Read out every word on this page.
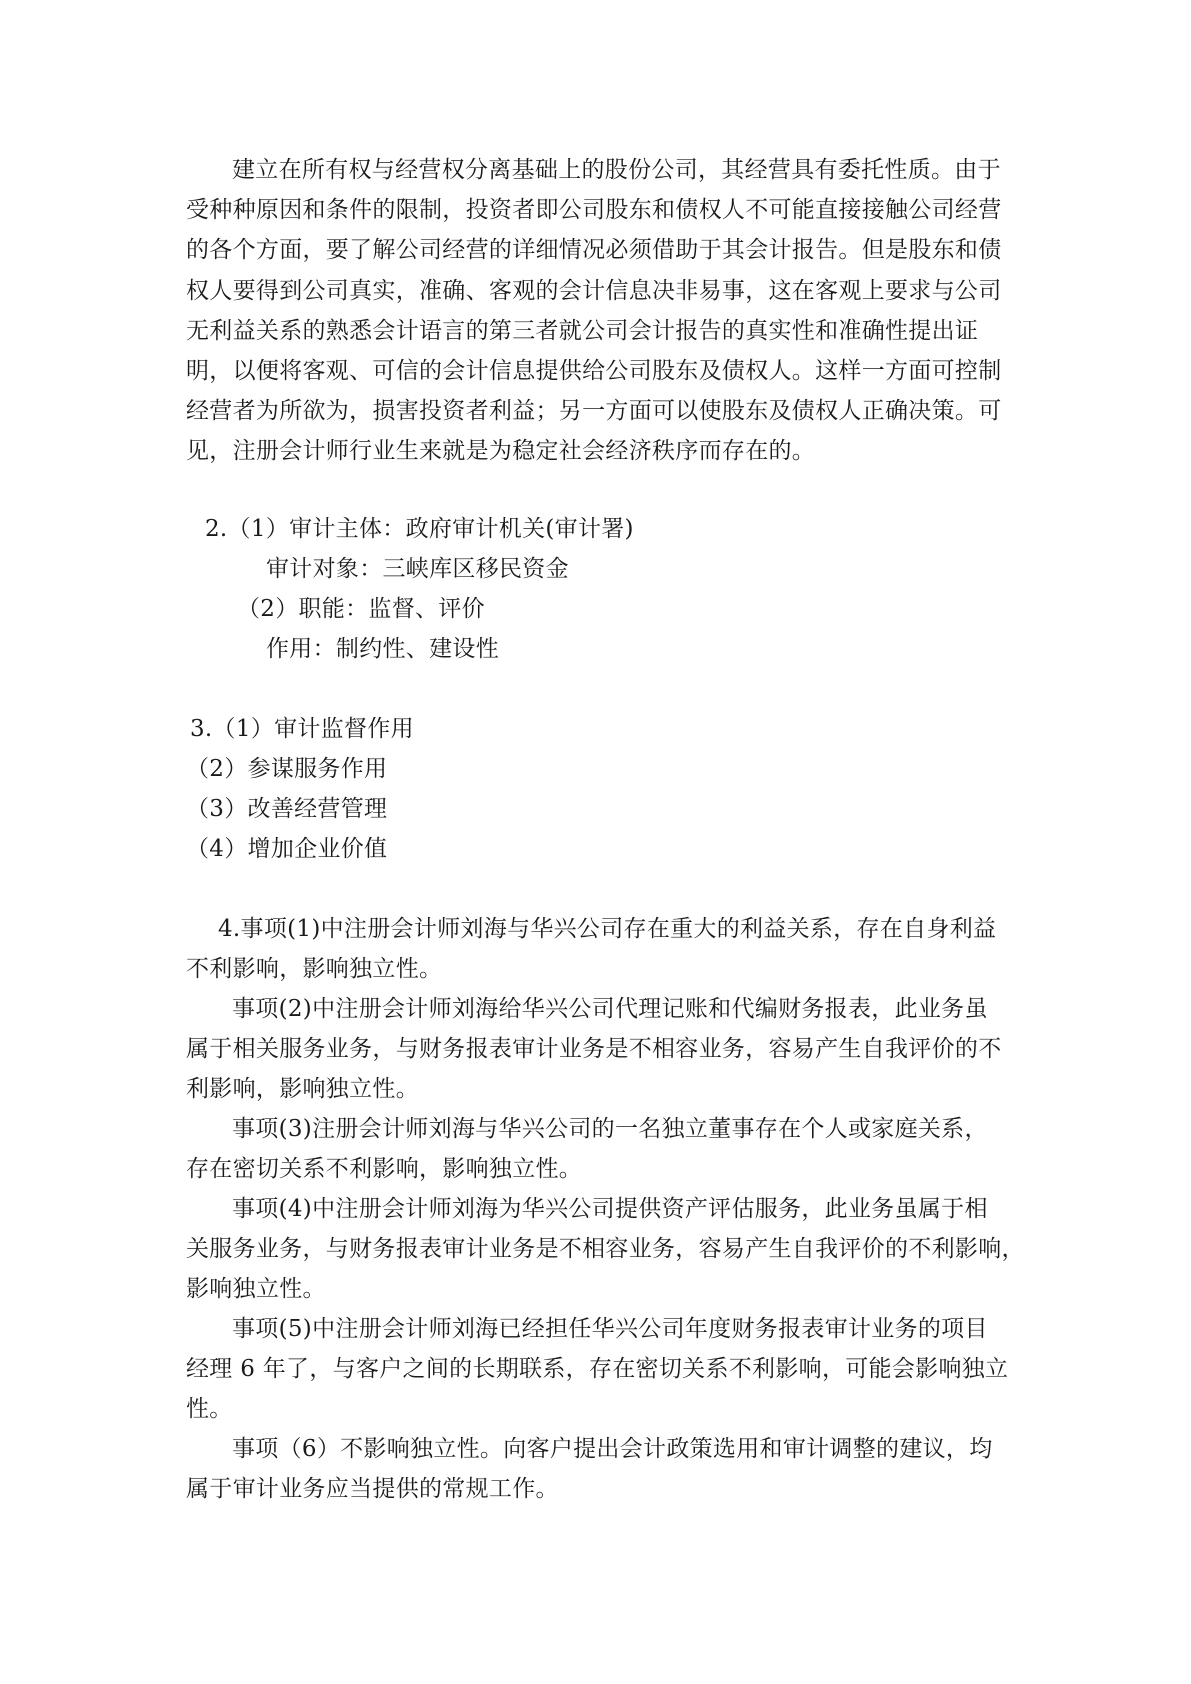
建立在所有权与经营权分离基础上的股份公司，其经营具有委托性质。由于
受种种原因和条件的限制，投资者即公司股东和债权人不可能直接接触公司经营
的各个方面，要了解公司经营的详细情况必须借助于其会计报告。但是股东和债
权人要得到公司真实，准确、客观的会计信息决非易事，这在客观上要求与公司
无利益关系的熟悉会计语言的第三者就公司会计报告的真实性和准确性提出证
明，以便将客观、可信的会计信息提供给公司股东及债权人。这样一方面可控制
经营者为所欲为，损害投资者利益；另一方面可以使股东及债权人正确决策。可
见，注册会计师行业生来就是为稳定社会经济秩序而存在的。
2.（1）审计主体：政府审计机关(审计署)
审计对象：三峡库区移民资金
（2）职能：监督、评价
作用：制约性、建设性
3.（1）审计监督作用
（2）参谋服务作用
（3）改善经营管理
（4）增加企业价值
4.事项(1)中注册会计师刘海与华兴公司存在重大的利益关系，存在自身利益
不利影响，影响独立性。
事项(2)中注册会计师刘海给华兴公司代理记账和代编财务报表，此业务虽
属于相关服务业务，与财务报表审计业务是不相容业务，容易产生自我评价的不
利影响，影响独立性。
事项(3)注册会计师刘海与华兴公司的一名独立董事存在个人或家庭关系，
存在密切关系不利影响，影响独立性。
事项(4)中注册会计师刘海为华兴公司提供资产评估服务，此业务虽属于相
关服务业务，与财务报表审计业务是不相容业务，容易产生自我评价的不利影响，
影响独立性。
事项(5)中注册会计师刘海已经担任华兴公司年度财务报表审计业务的项目
经理 6 年了，与客户之间的长期联系，存在密切关系不利影响，可能会影响独立
性。
事项（6）不影响独立性。向客户提出会计政策选用和审计调整的建议，均
属于审计业务应当提供的常规工作。
